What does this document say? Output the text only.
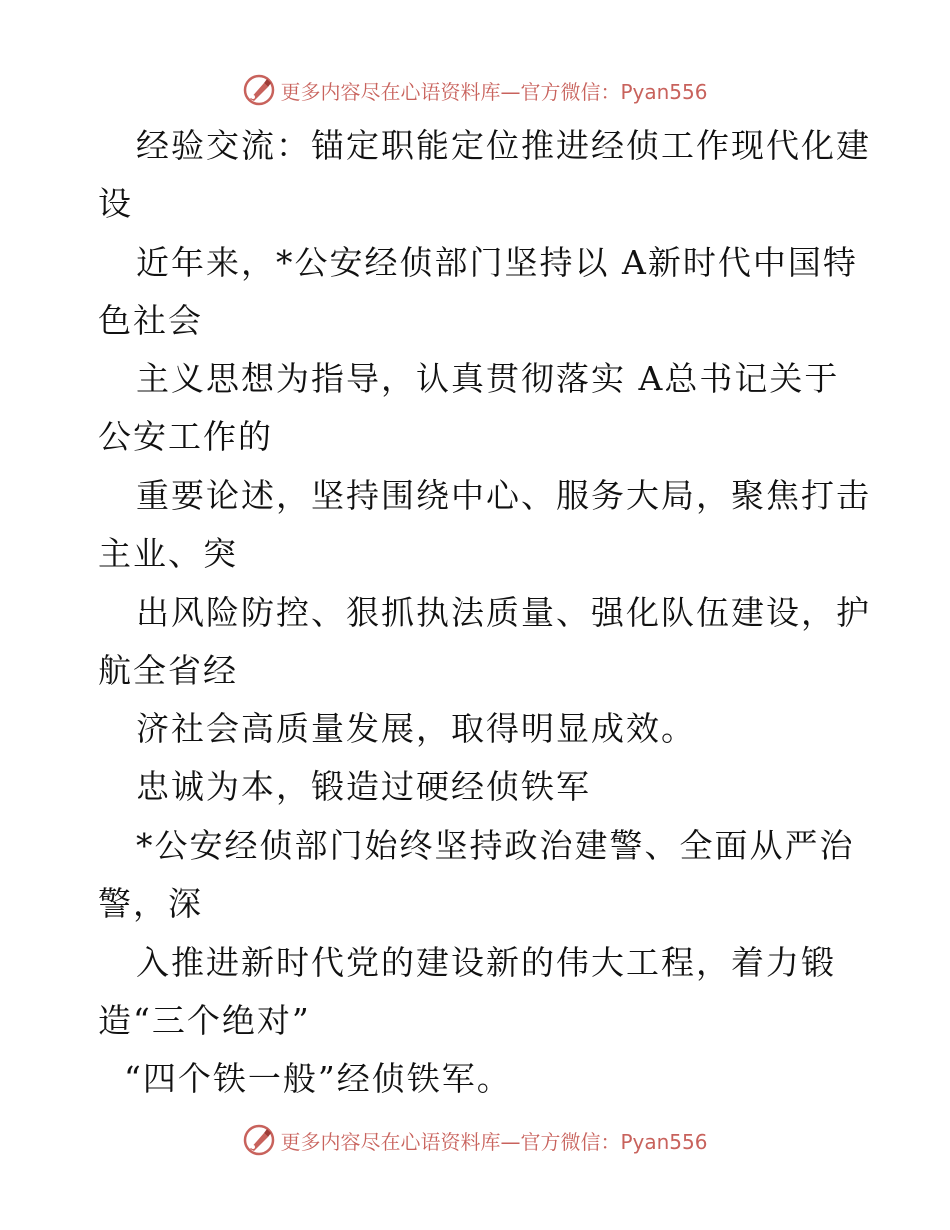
更多内容尽在心语资料库—官方微信：Pyan556
经验交流：锚定职能定位推进经侦工作现代化建
设
近年来，*公安经侦部门坚持以 A新时代中国特
色社会
主义思想为指导，认真贯彻落实 A总书记关于
公安工作的
重要论述，坚持围绕中心、服务大局，聚焦打击
主业、突
出风险防控、狠抓执法质量、强化队伍建设，护
航全省经
济社会高质量发展，取得明显成效。
忠诚为本，锻造过硬经侦铁军
*公安经侦部门始终坚持政治建警、全面从严治
警，深
入推进新时代党的建设新的伟大工程，着力锻
造“三个绝对”
“四个铁一般”经侦铁军。
更多内容尽在心语资料库—官方微信：Pyan556
